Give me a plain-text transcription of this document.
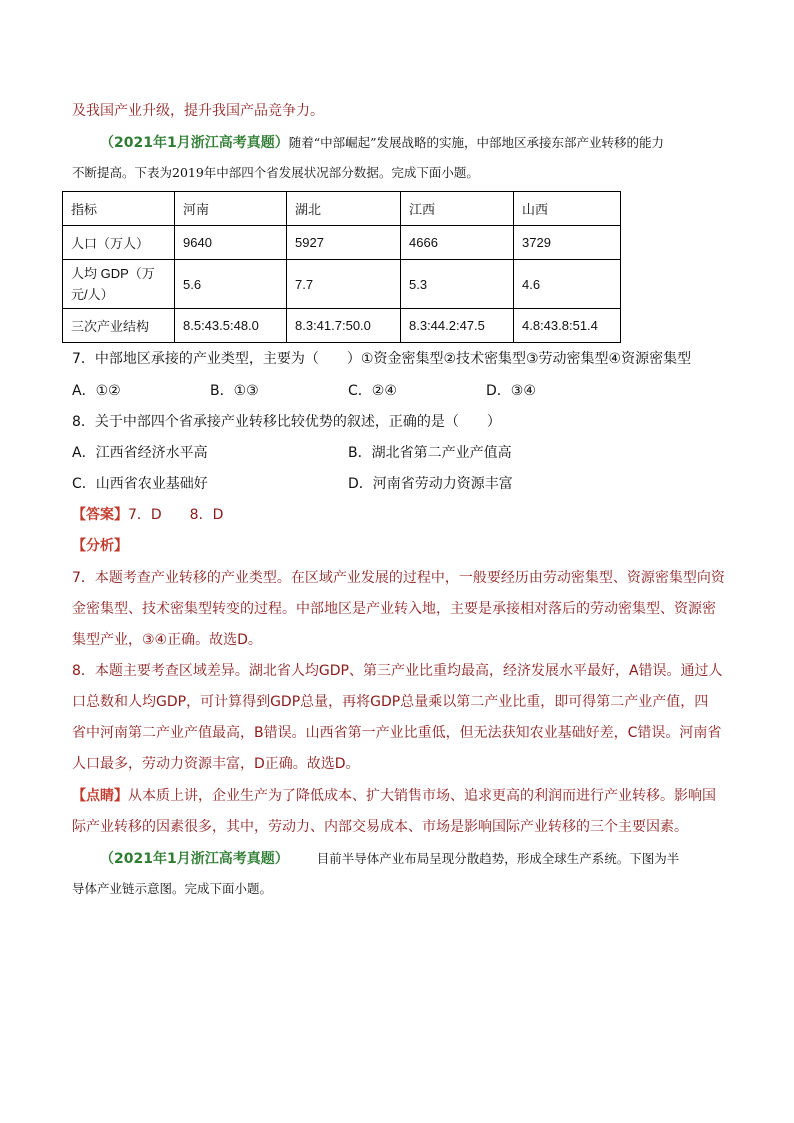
及我国产业升级，提升我国产品竞争力。
（2021年1月浙江高考真题）随着“中部崛起”发展战略的实施，中部地区承接东部产业转移的能力
不断提高。下表为2019年中部四个省发展状况部分数据。完成下面小题。
指标	河南	湖北	江西	山西
人口（万人）	9640	5927	4666	3729

人均 GDP（万
元/人）	5.6	7.7	5.3	4.6
三次产业结构	8.5:43.5:48.0	8.3:41.7:50.0	8.3:44.2:47.5	4.8:43.8:51.4
7．中部地区承接的产业类型，主要为（　　）①资金密集型②技术密集型③劳动密集型④资源密集型
A．①②	B．①③	C．②④	D．③④
8．关于中部四个省承接产业转移比较优势的叙述，正确的是（　　）
A．江西省经济水平高	B．湖北省第二产业产值高
C．山西省农业基础好	D．河南省劳动力资源丰富
【答案】7．D　　8．D
【分析】
7．本题考查产业转移的产业类型。在区域产业发展的过程中，一般要经历由劳动密集型、资源密集型向资
金密集型、技术密集型转变的过程。中部地区是产业转入地，主要是承接相对落后的劳动密集型、资源密
集型产业，③④正确。故选D。
8．本题主要考查区域差异。湖北省人均GDP、第三产业比重均最高，经济发展水平最好，A错误。通过人
口总数和人均GDP，可计算得到GDP总量，再将GDP总量乘以第二产业比重，即可得第二产业产值，四
省中河南第二产业产值最高，B错误。山西省第一产业比重低，但无法获知农业基础好差，C错误。河南省
人口最多，劳动力资源丰富，D正确。故选D。
【点睛】从本质上讲，企业生产为了降低成本、扩大销售市场、追求更高的利润而进行产业转移。影响国
际产业转移的因素很多，其中，劳动力、内部交易成本、市场是影响国际产业转移的三个主要因素。
（2021年1月浙江高考真题） 目前半导体产业布局呈现分散趋势，形成全球生产系统。下图为半
导体产业链示意图。完成下面小题。
